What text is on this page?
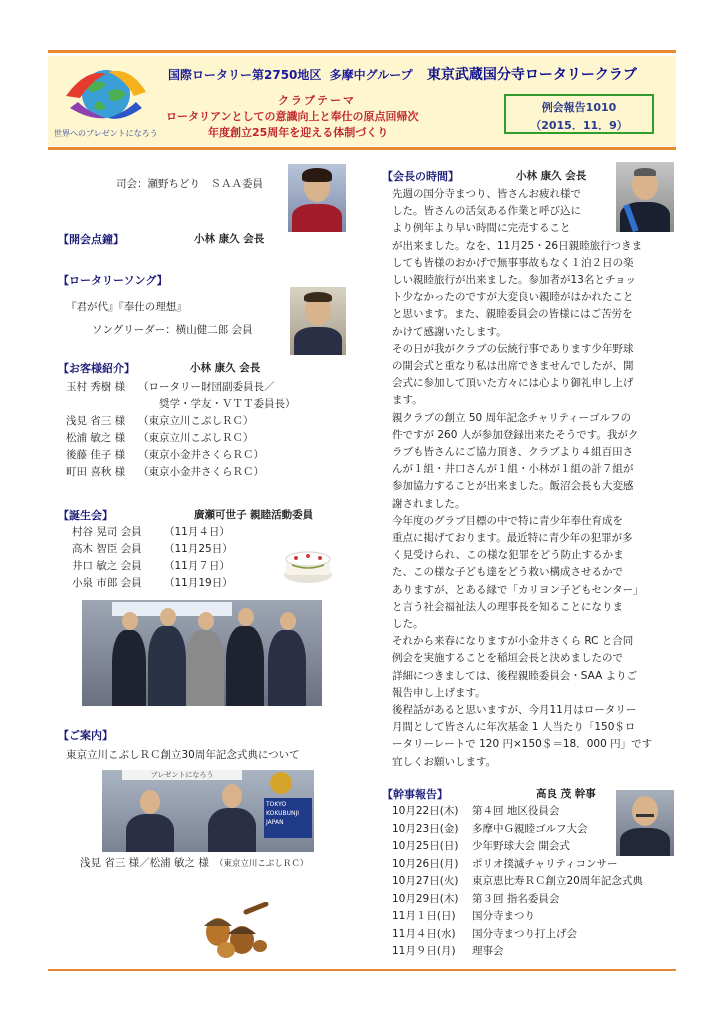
世界へのプレゼントになろう
国際ロータリー第2750地区 多摩中グループ 東京武蔵国分寺ロータリークラブ
クラブテーマ
ロータリアンとしての意識向上と奉仕の原点回帰次
年度創立25周年を迎える体制づくり
例会報告1010
（2015．11．9）
司会：瀬野ちどり　ＳＡＡ委員
【開会点鐘】	小林 康久 会長
【ロータリーソング】
『君が代』『奉仕の理想』
ソングリーダー：横山健二郎 会員
【お客様紹介】	小林 康久 会長
玉村 秀樹 様	（ロータリー財団副委員長／
　　奨学・学友・ＶＴＴ委員長）
浅見 省三 様	（東京立川こぶしＲＣ）
松浦 敏之 様	（東京立川こぶしＲＣ）
後藤 佳子 様	（東京小金井さくらＲＣ）
町田 喜秋 様	（東京小金井さくらＲＣ）
【誕生会】	廣瀬可世子 親睦活動委員
村谷 晃司 会員	（11月４日）
高木 智臣 会員	（11月25日）
井口 敏之 会員	（11月７日）
小泉 市郎 会員	（11月19日）
【ご案内】
東京立川こぶしＲＣ創立30周年記念式典について
プレゼントになろう
TOKYO
KOKUBUNJI
JAPAN
浅見 省三 様／松浦 敏之 様 （東京立川こぶしＲＣ）
【会長の時間】	小林 康久 会長

先週の国分寺まつり、皆さんお疲れ様で

した。皆さんの活気ある作業と呼び込に

より例年より早い時間に完売すること

が出来ました。なを、11月25・26日親睦旅行つきま

しても皆様のおかげで無事事故もなく１泊２日の楽

しい親睦旅行が出来ました。参加者が13名とチョッ

ト少なかったのですが大変良い親睦がはかれたこと

と思います。また、親睦委員会の皆様にはご苦労を

かけて感謝いたします。

その日が我がクラブの伝統行事であります少年野球

の開会式と重なり私は出席できませんでしたが、開

会式に参加して頂いた方々には心より御礼申し上げ

ます。

親クラブの創立 50 周年記念チャリティーゴルフの

件ですが 260 人が参加登録出来たそうです。我がク

ラブも皆さんにご協力頂き、クラブより４組百田さ

んが１組・井口さんが１組・小林が１組の計７組が

参加協力することが出来ました。飯沼会長も大変感

謝されました。

今年度のグラブ目標の中で特に青少年奉仕育成を

重点に掲げております。最近特に青少年の犯罪が多

く見受けられ、この様な犯罪をどう防止するかま

た、この様な子ども達をどう救い構成させるかで

ありますが、とある縁で「カリヨン子どもセンター」

と言う社会福祉法人の理事長を知ることになりま

した。

それから来春になりますが小金井さくら RC と合同

例会を実施することを稲垣会長と決めましたので

詳細につきましては、後程親睦委員会・SAA よりご

報告申し上げます。

後程話があると思いますが、今月11月はロータリー

月間として皆さんに年次基金 1 人当たり「150＄ロ

ータリーレートで 120 円×150＄＝18．000 円」です

宜しくお願いします。

【幹事報告】	高良 茂 幹事
10月22日(木)	第４回 地区役員会
10月23日(金)	多摩中Ｇ親睦ゴルフ大会
10月25日(日)	少年野球大会 開会式
10月26日(月)	ポリオ撲滅チャリティコンサー
10月27日(火)	東京恵比寿ＲＣ創立20周年記念式典
10月29日(木)	第３回 指名委員会
11月１日(日)	国分寺まつり
11月４日(水)	国分寺まつり打上げ会
11月９日(月)	理事会
